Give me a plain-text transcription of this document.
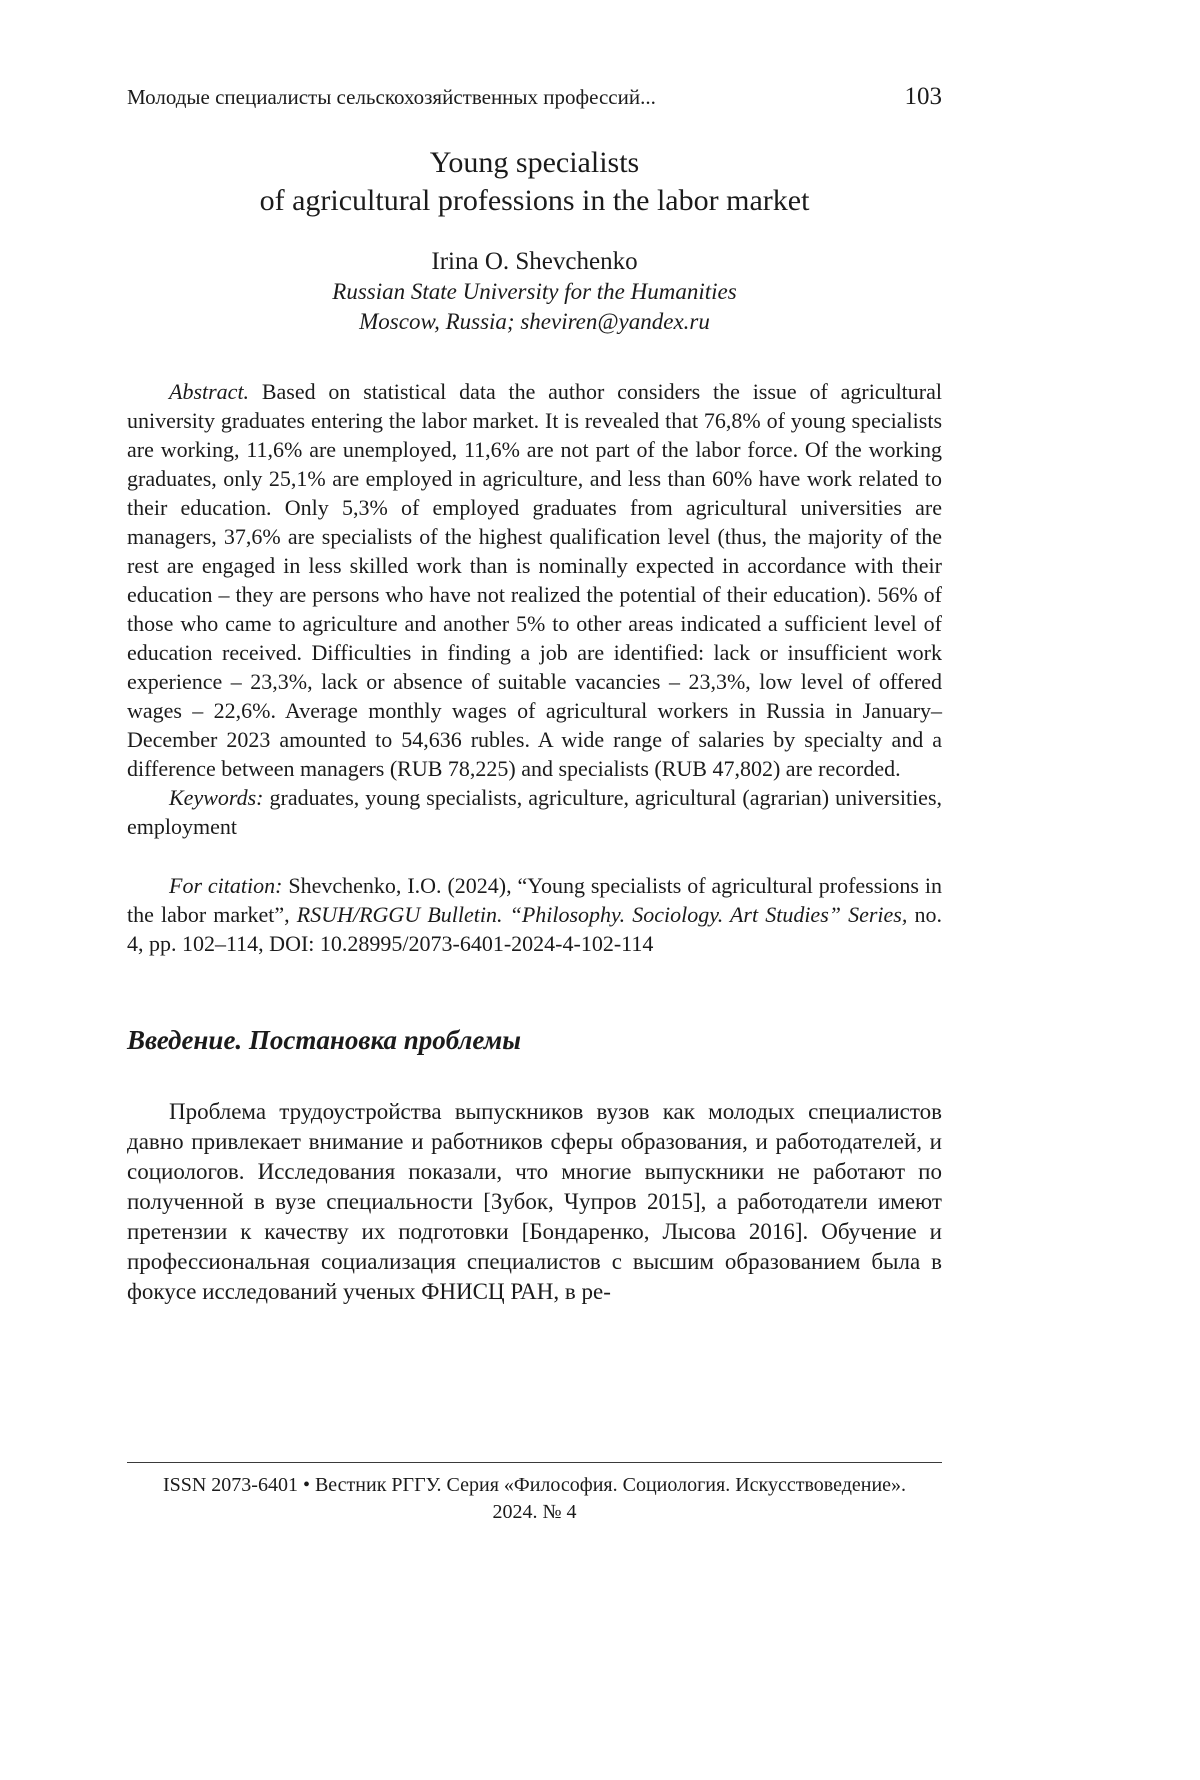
Молодые специалисты сельскохозяйственных профессий...	103
Young specialists
of agricultural professions in the labor market
Irina O. Shevchenko
Russian State University for the Humanities
Moscow, Russia; sheviren@yandex.ru

Abstract. Based on statistical data the author considers the issue of agricultural university graduates entering the labor market. It is revealed that 76,8% of young specialists are working, 11,6% are unemployed, 11,6% are not part of the labor force. Of the working graduates, only 25,1% are employed in agriculture, and less than 60% have work related to their education. Only 5,3% of employed graduates from agricultural universities are managers, 37,6% are specialists of the highest qualification level (thus, the majority of the rest are engaged in less skilled work than is nominally expected in accordance with their education – they are persons who have not realized the potential of their education). 56% of those who came to agriculture and another 5% to other areas indicated a sufficient level of education received. Difficulties in finding a job are identified: lack or insufficient work experience – 23,3%, lack or absence of suitable vacancies – 23,3%, low level of offered wages – 22,6%. Average monthly wages of agricultural workers in Russia in January–December 2023 amounted to 54,636 rubles. A wide range of salaries by specialty and a difference between managers (RUB 78,225) and specialists (RUB 47,802) are recorded.

Keywords: graduates, young specialists, agriculture, agricultural (agrarian) universities, employment

For citation: Shevchenko, I.O. (2024), “Young specialists of agricultural professions in the labor market”, RSUH/RGGU Bulletin. “Philosophy. Sociology. Art Studies” Series, no. 4, pp. 102–114, DOI: 10.28995/2073-6401-2024-4-102-114

Введение. Постановка проблемы

Проблема трудоустройства выпускников вузов как молодых специалистов давно привлекает внимание и работников сферы образования, и работодателей, и социологов. Исследования показали, что многие выпускники не работают по полученной в вузе специальности [Зубок, Чупров 2015], а работодатели имеют претензии к качеству их подготовки [Бондаренко, Лысова 2016]. Обучение и профессиональная социализация специалистов с высшим образованием была в фокусе исследований ученых ФНИСЦ РАН, в ре-

ISSN 2073-6401 • Вестник РГГУ. Серия «Философия. Социология. Искусствоведение».
2024. № 4
